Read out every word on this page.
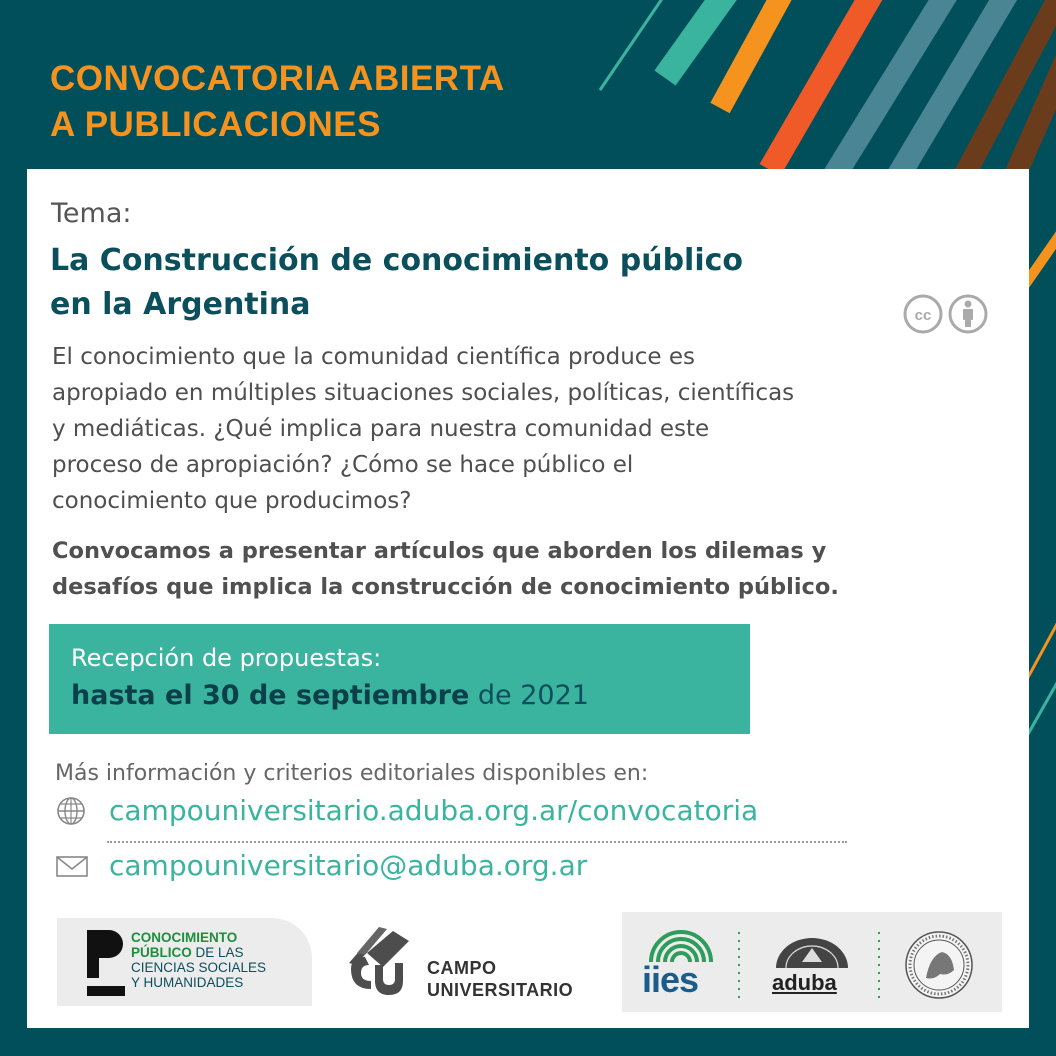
CONVOCATORIA ABIERTA
A PUBLICACIONES
Tema:
La Construcción de conocimiento público
en la Argentina	cc

El conocimiento que la comunidad científica produce es
apropiado en múltiples situaciones sociales, políticas, científicas
y mediáticas. ¿Qué implica para nuestra comunidad este
proceso de apropiación? ¿Cómo se hace público el
conocimiento que producimos?

Convocamos a presentar artículos que aborden los dilemas y
desafíos que implica la construcción de conocimiento público.

Recepción de propuestas:
hasta el 30 de septiembre de 2021
Más información y criterios editoriales disponibles en:
campouniversitario.aduba.org.ar/convocatoria
campouniversitario@aduba.org.ar
CONOCIMIENTO
PÚBLICO DE LAS
CIENCIAS SOCIALES
Y HUMANIDADES
CAMPO
UNIVERSITARIO iies	aduba
